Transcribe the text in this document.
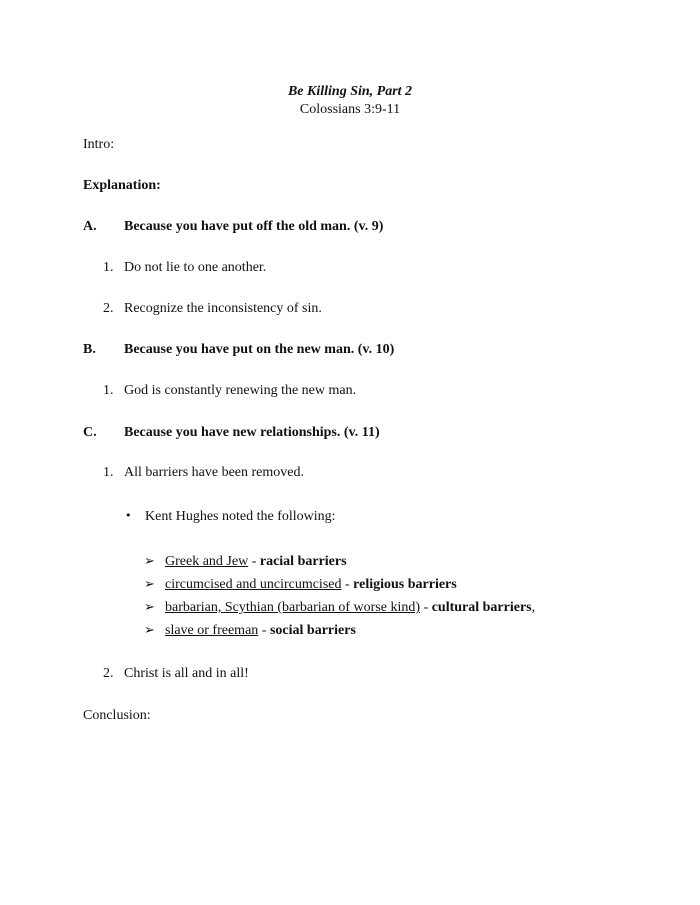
Be Killing Sin, Part 2
Colossians 3:9-11
Intro:
Explanation:
A. Because you have put off the old man. (v. 9)
1. Do not lie to one another.
2. Recognize the inconsistency of sin.
B. Because you have put on the new man. (v. 10)
1. God is constantly renewing the new man.
C. Because you have new relationships. (v. 11)
1. All barriers have been removed.
• Kent Hughes noted the following:
➢ Greek and Jew - racial barriers
➢ circumcised and uncircumcised - religious barriers
➢ barbarian, Scythian (barbarian of worse kind) - cultural barriers,
➢ slave or freeman - social barriers
2. Christ is all and in all!
Conclusion:
